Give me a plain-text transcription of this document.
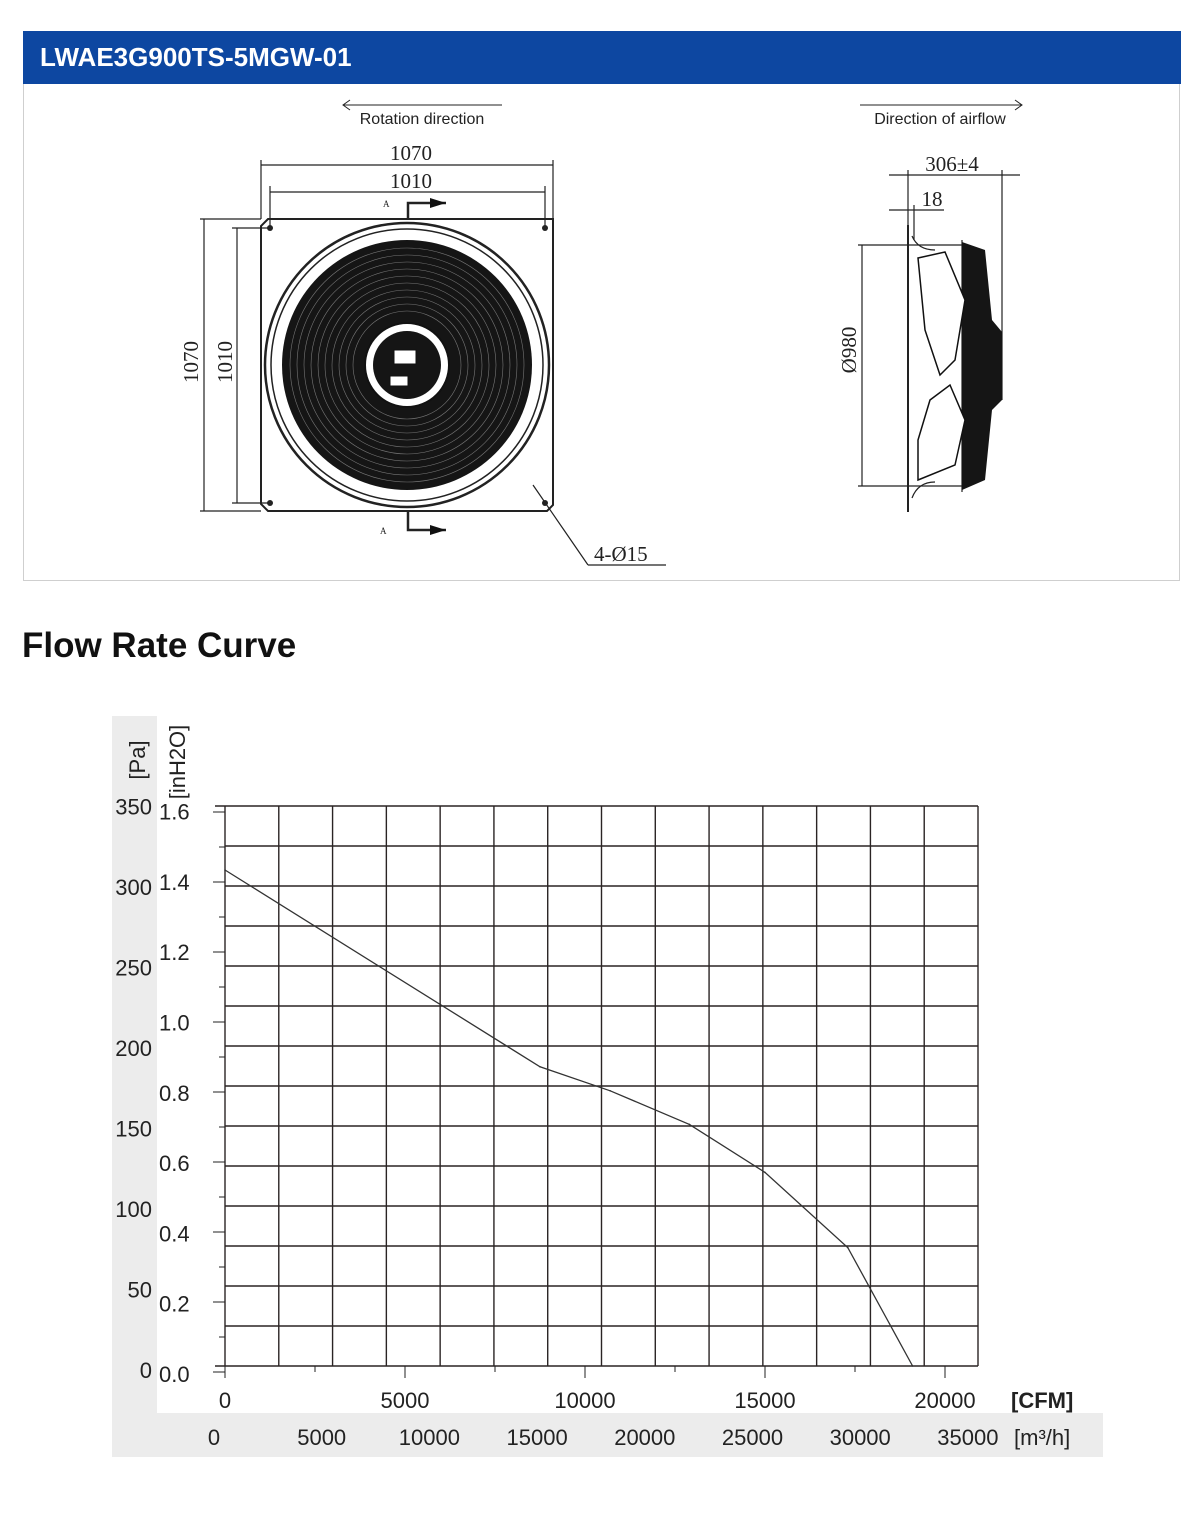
LWAE3G900TS-5MGW-01
Rotation direction	Direction of airflow
1070
1010
1070 1010
A
A
4-Ø15
306±4
18
Ø980
Flow Rate Curve
0	5000	10000	15000	20000
0	5000 10000 15000 20000 25000 30000 35000
0
50
100
150
200
250
300
350
0.0
0.2
0.4
0.6
0.8
1.0
1.2
1.4
1.6
[Pa] [inH2O]
[CFM]
[m³/h]
